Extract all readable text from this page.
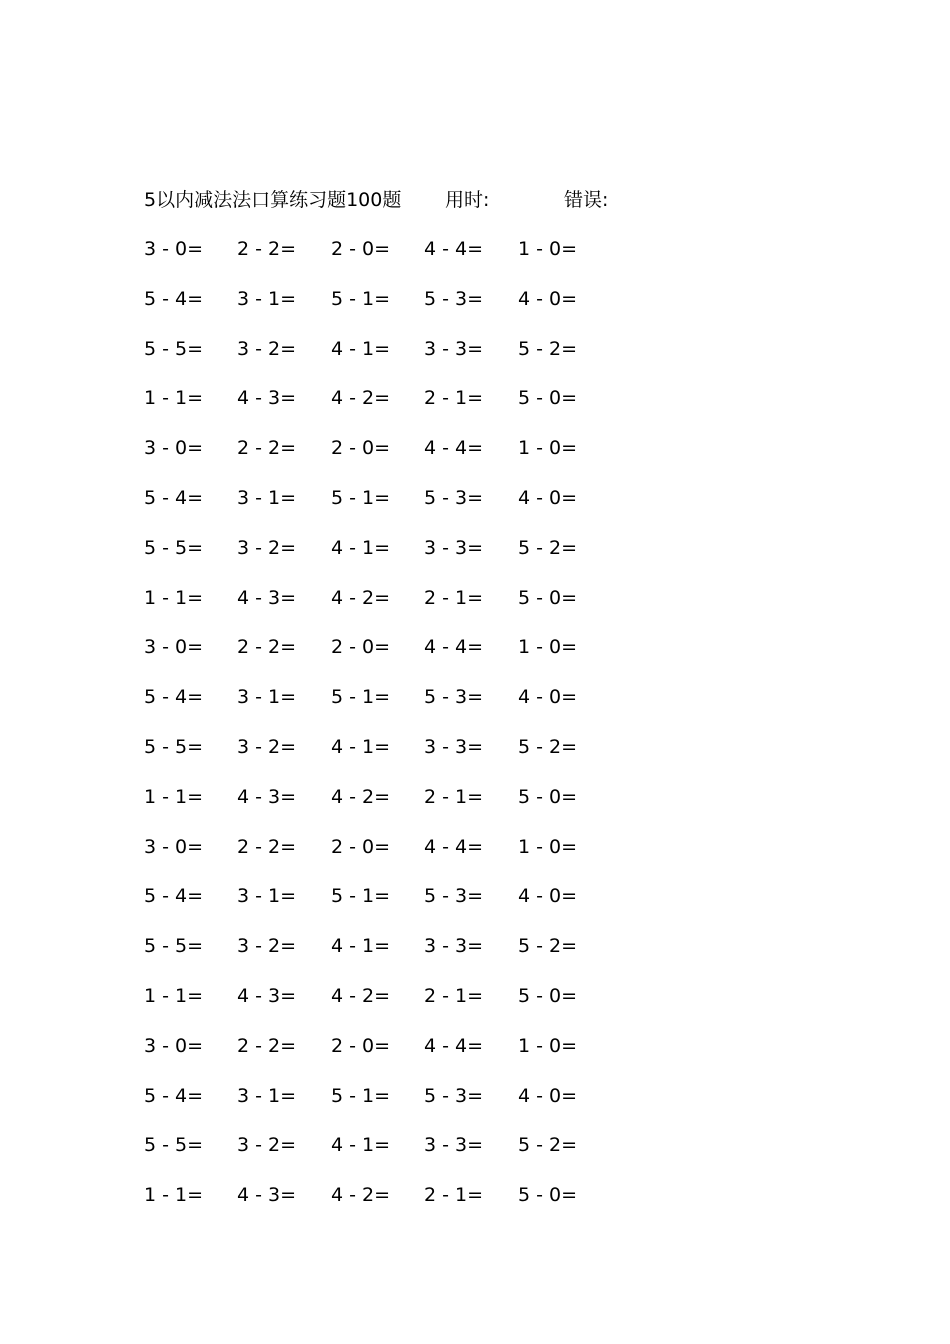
5以内减法法口算练习题100题 用时:	错误:
3 - 0= 2 - 2= 2 - 0= 4 - 4= 1 - 0=
5 - 4= 3 - 1= 5 - 1= 5 - 3= 4 - 0=
5 - 5= 3 - 2= 4 - 1= 3 - 3= 5 - 2=
1 - 1= 4 - 3= 4 - 2= 2 - 1= 5 - 0=
3 - 0= 2 - 2= 2 - 0= 4 - 4= 1 - 0=
5 - 4= 3 - 1= 5 - 1= 5 - 3= 4 - 0=
5 - 5= 3 - 2= 4 - 1= 3 - 3= 5 - 2=
1 - 1= 4 - 3= 4 - 2= 2 - 1= 5 - 0=
3 - 0= 2 - 2= 2 - 0= 4 - 4= 1 - 0=
5 - 4= 3 - 1= 5 - 1= 5 - 3= 4 - 0=
5 - 5= 3 - 2= 4 - 1= 3 - 3= 5 - 2=
1 - 1= 4 - 3= 4 - 2= 2 - 1= 5 - 0=
3 - 0= 2 - 2= 2 - 0= 4 - 4= 1 - 0=
5 - 4= 3 - 1= 5 - 1= 5 - 3= 4 - 0=
5 - 5= 3 - 2= 4 - 1= 3 - 3= 5 - 2=
1 - 1= 4 - 3= 4 - 2= 2 - 1= 5 - 0=
3 - 0= 2 - 2= 2 - 0= 4 - 4= 1 - 0=
5 - 4= 3 - 1= 5 - 1= 5 - 3= 4 - 0=
5 - 5= 3 - 2= 4 - 1= 3 - 3= 5 - 2=
1 - 1= 4 - 3= 4 - 2= 2 - 1= 5 - 0=
